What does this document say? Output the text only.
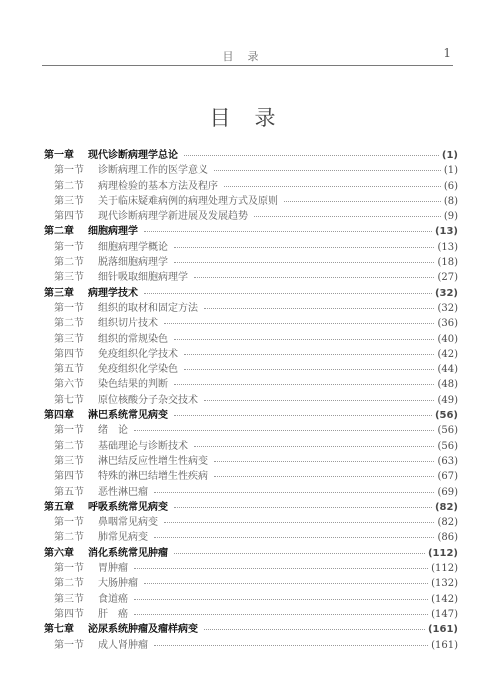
目录	1
目录
第一章	现代诊断病理学总论	(1)
第一节 诊断病理工作的医学意义	(1)
第二节 病理检验的基本方法及程序	(6)
第三节 关于临床疑难病例的病理处理方式及原则	(8)
第四节 现代诊断病理学新进展及发展趋势	(9)
第二章	细胞病理学	(13)
第一节 细胞病理学概论	(13)
第二节 脱落细胞病理学	(18)
第三节 细针吸取细胞病理学	(27)
第三章	病理学技术	(32)
第一节 组织的取材和固定方法	(32)
第二节 组织切片技术	(36)
第三节 组织的常规染色	(40)
第四节 免疫组织化学技术	(42)
第五节 免疫组织化学染色	(44)
第六节 染色结果的判断	(48)
第七节 原位核酸分子杂交技术	(49)
第四章	淋巴系统常见病变	(56)
第一节 绪　论	(56)
第二节 基础理论与诊断技术	(56)
第三节 淋巴结反应性增生性病变	(63)
第四节 特殊的淋巴结增生性疾病	(67)
第五节 恶性淋巴瘤	(69)
第五章	呼吸系统常见病变	(82)
第一节 鼻咽常见病变	(82)
第二节 肺常见病变	(86)
第六章	消化系统常见肿瘤	(112)
第一节 胃肿瘤	(112)
第二节 大肠肿瘤	(132)
第三节 食道癌	(142)
第四节 肝　癌	(147)
第七章	泌尿系统肿瘤及瘤样病变	(161)
第一节 成人肾肿瘤	(161)
